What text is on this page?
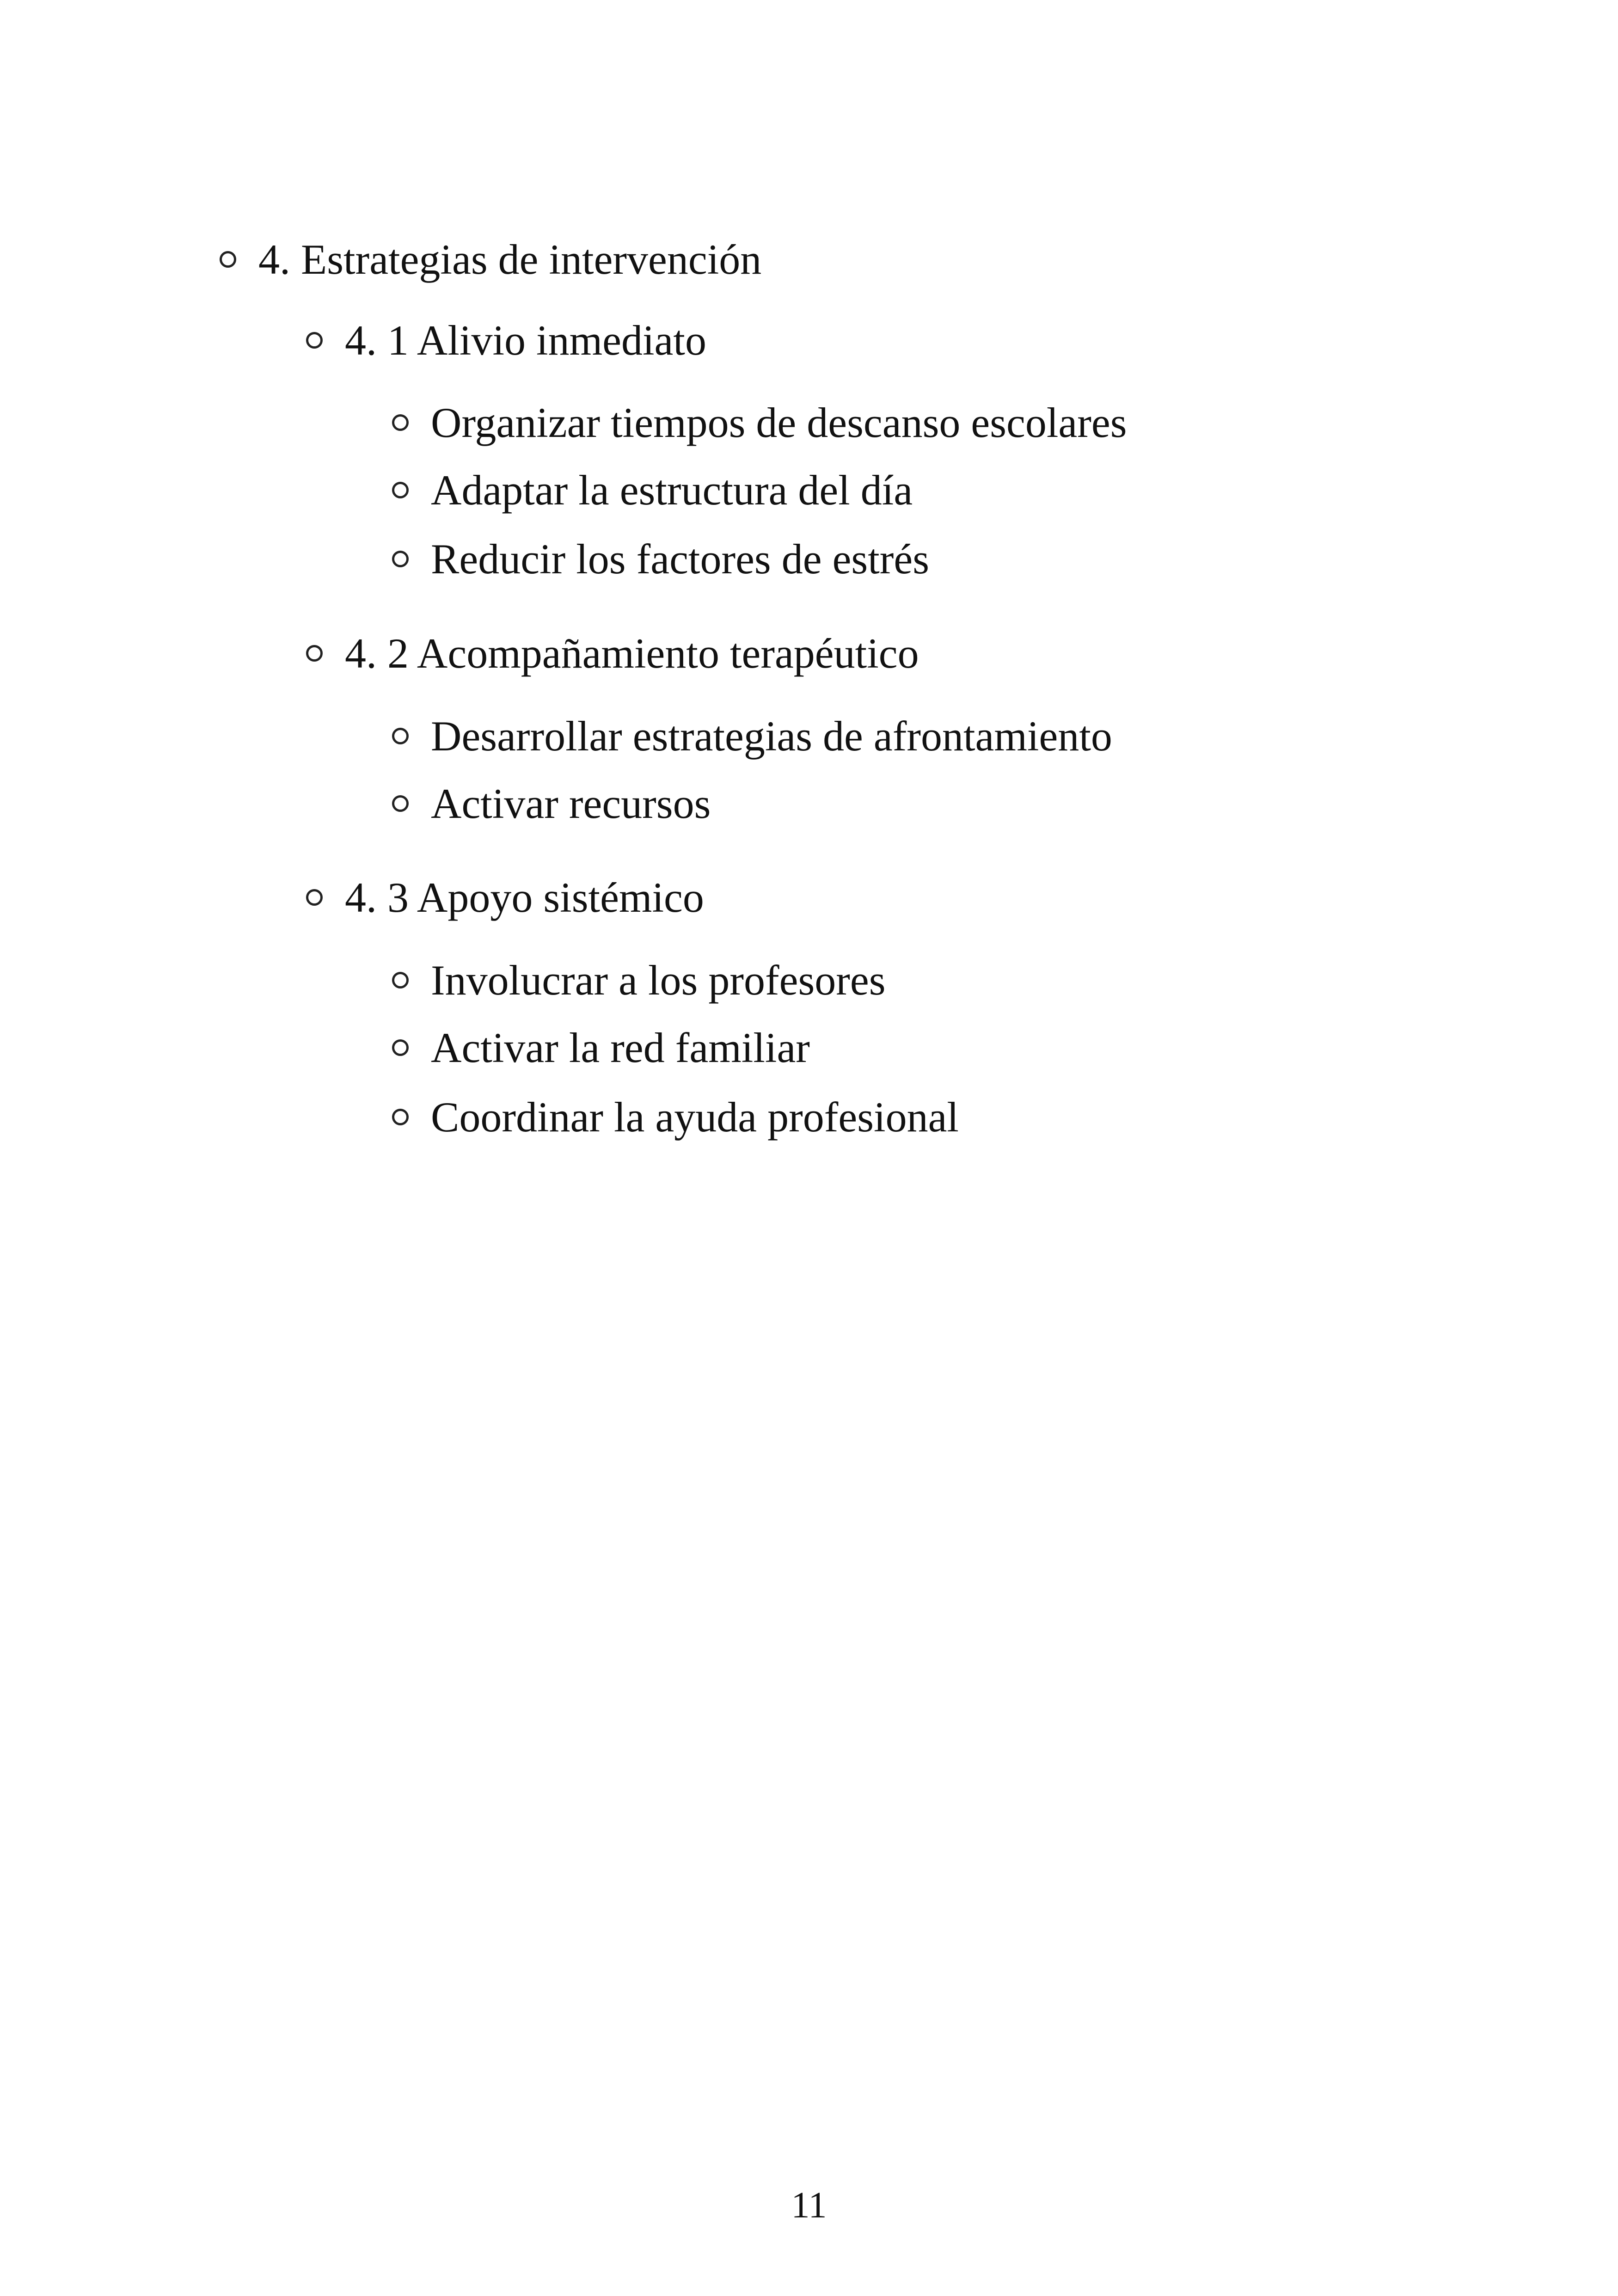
4. Estrategias de intervención
4. 1 Alivio inmediato
Organizar tiempos de descanso escolares
Adaptar la estructura del día
Reducir los factores de estrés
4. 2 Acompañamiento terapéutico
Desarrollar estrategias de afrontamiento
Activar recursos
4. 3 Apoyo sistémico
Involucrar a los profesores
Activar la red familiar
Coordinar la ayuda profesional
11
